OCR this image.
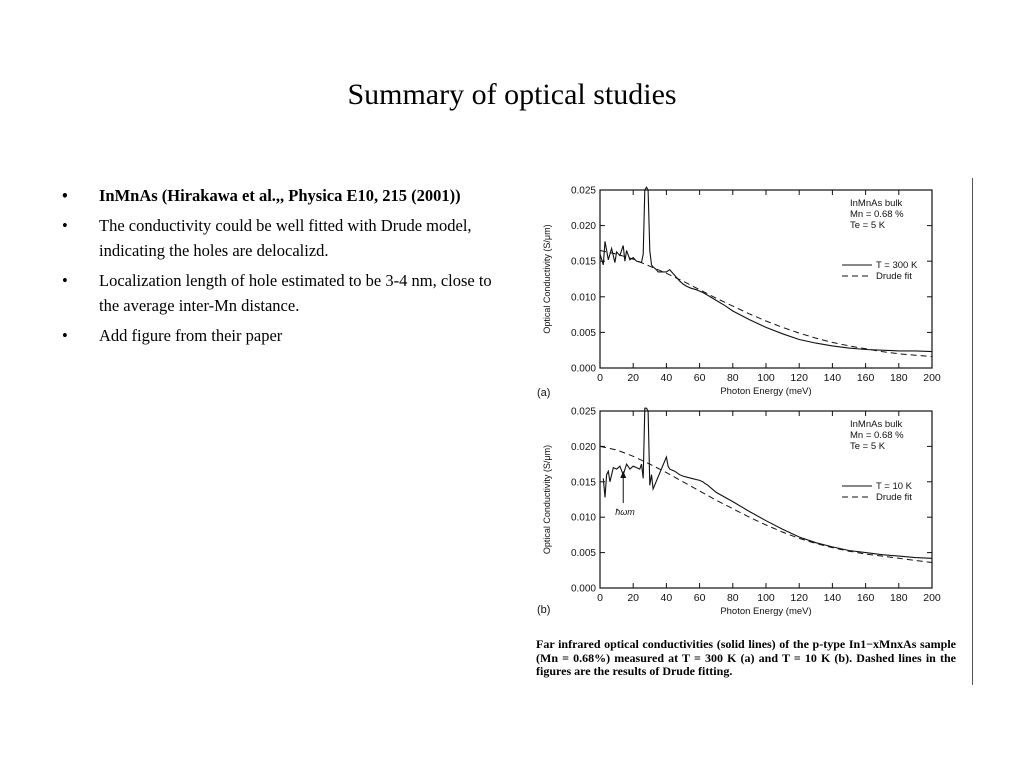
Summary of optical studies
• InMnAs (Hirakawa et al.,, Physica E10, 215 (2001))
• The conductivity could be well fitted with Drude model, indicating the holes are delocalizd.
• Localization length of hole estimated to be 3-4 nm, close to the average inter-Mn distance.
• Add figure from their paper
0 20 40 60 80 100 120 140 160 180 200
0.000
0.005
0.010
0.015
0.020
0.025
Photon Energy (meV)
Optical Conductivity (S/μm)
(a)
InMnAs bulk
Mn = 0.68 %
Te = 5 K
T = 300 K
Drude fit
0 20 40 60 80 100 120 140 160 180 200
0.000
0.005
0.010
0.015
0.020
0.025
Photon Energy (meV)
Optical Conductivity (S/μm)
(b)
InMnAs bulk
Mn = 0.68 %
Te = 5 K
T = 10 K
Drude fit
ħωm
Far infrared optical conductivities (solid lines) of the p-type In1−xMnxAs sample (Mn = 0.68%) measured at T = 300 K (a) and T = 10 K (b). Dashed lines in the figures are the results of Drude fitting.
